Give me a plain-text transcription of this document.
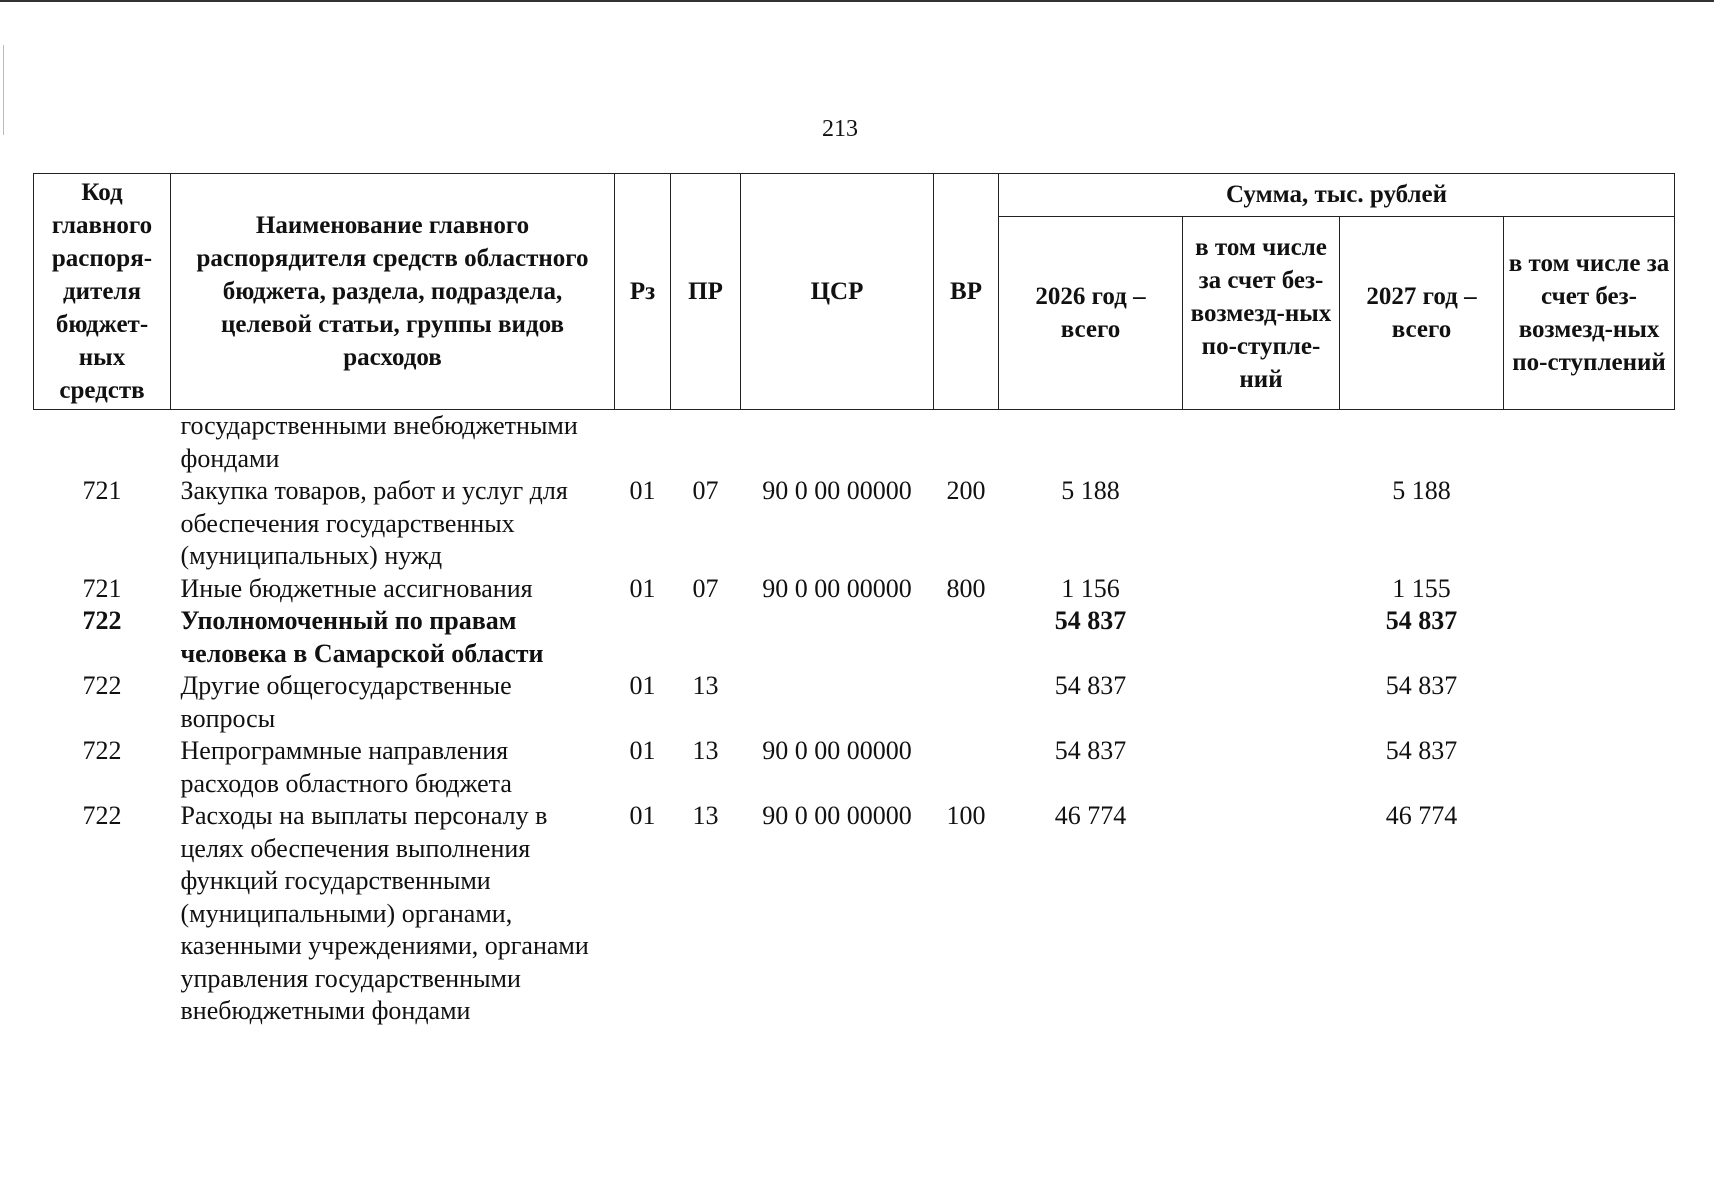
213
Код главного распоря-дителя бюджет-ных средств	Наименование главного распорядителя средств областного бюджета, раздела, подраздела, целевой статьи, группы видов расходов	Рз	ПР	ЦСР	ВР	Сумма, тыс. рублей			
						2026 год – всего	в том числе за счет без-возмезд-ных по-ступле-ний	2027 год – всего	в том числе за счет без-возмезд-ных по-ступлений
	государственными внебюджетными фондами								
721	Закупка товаров, работ и услуг для обеспечения государственных (муниципальных) нужд	01	07	90 0 00 00000	200	5 188		5 188	
721	Иные бюджетные ассигнования	01	07	90 0 00 00000	800	1 156		1 155	
722	Уполномоченный по правам человека в Самарской области					54 837		54 837	
722	Другие общегосударственные вопросы	01	13			54 837		54 837	
722	Непрограммные направления расходов областного бюджета	01	13	90 0 00 00000		54 837		54 837	
722	Расходы на выплаты персоналу в целях обеспечения выполнения функций государственными (муниципальными) органами, казенными учреждениями, органами управления государственными внебюджетными фондами	01	13	90 0 00 00000	100	46 774		46 774	
